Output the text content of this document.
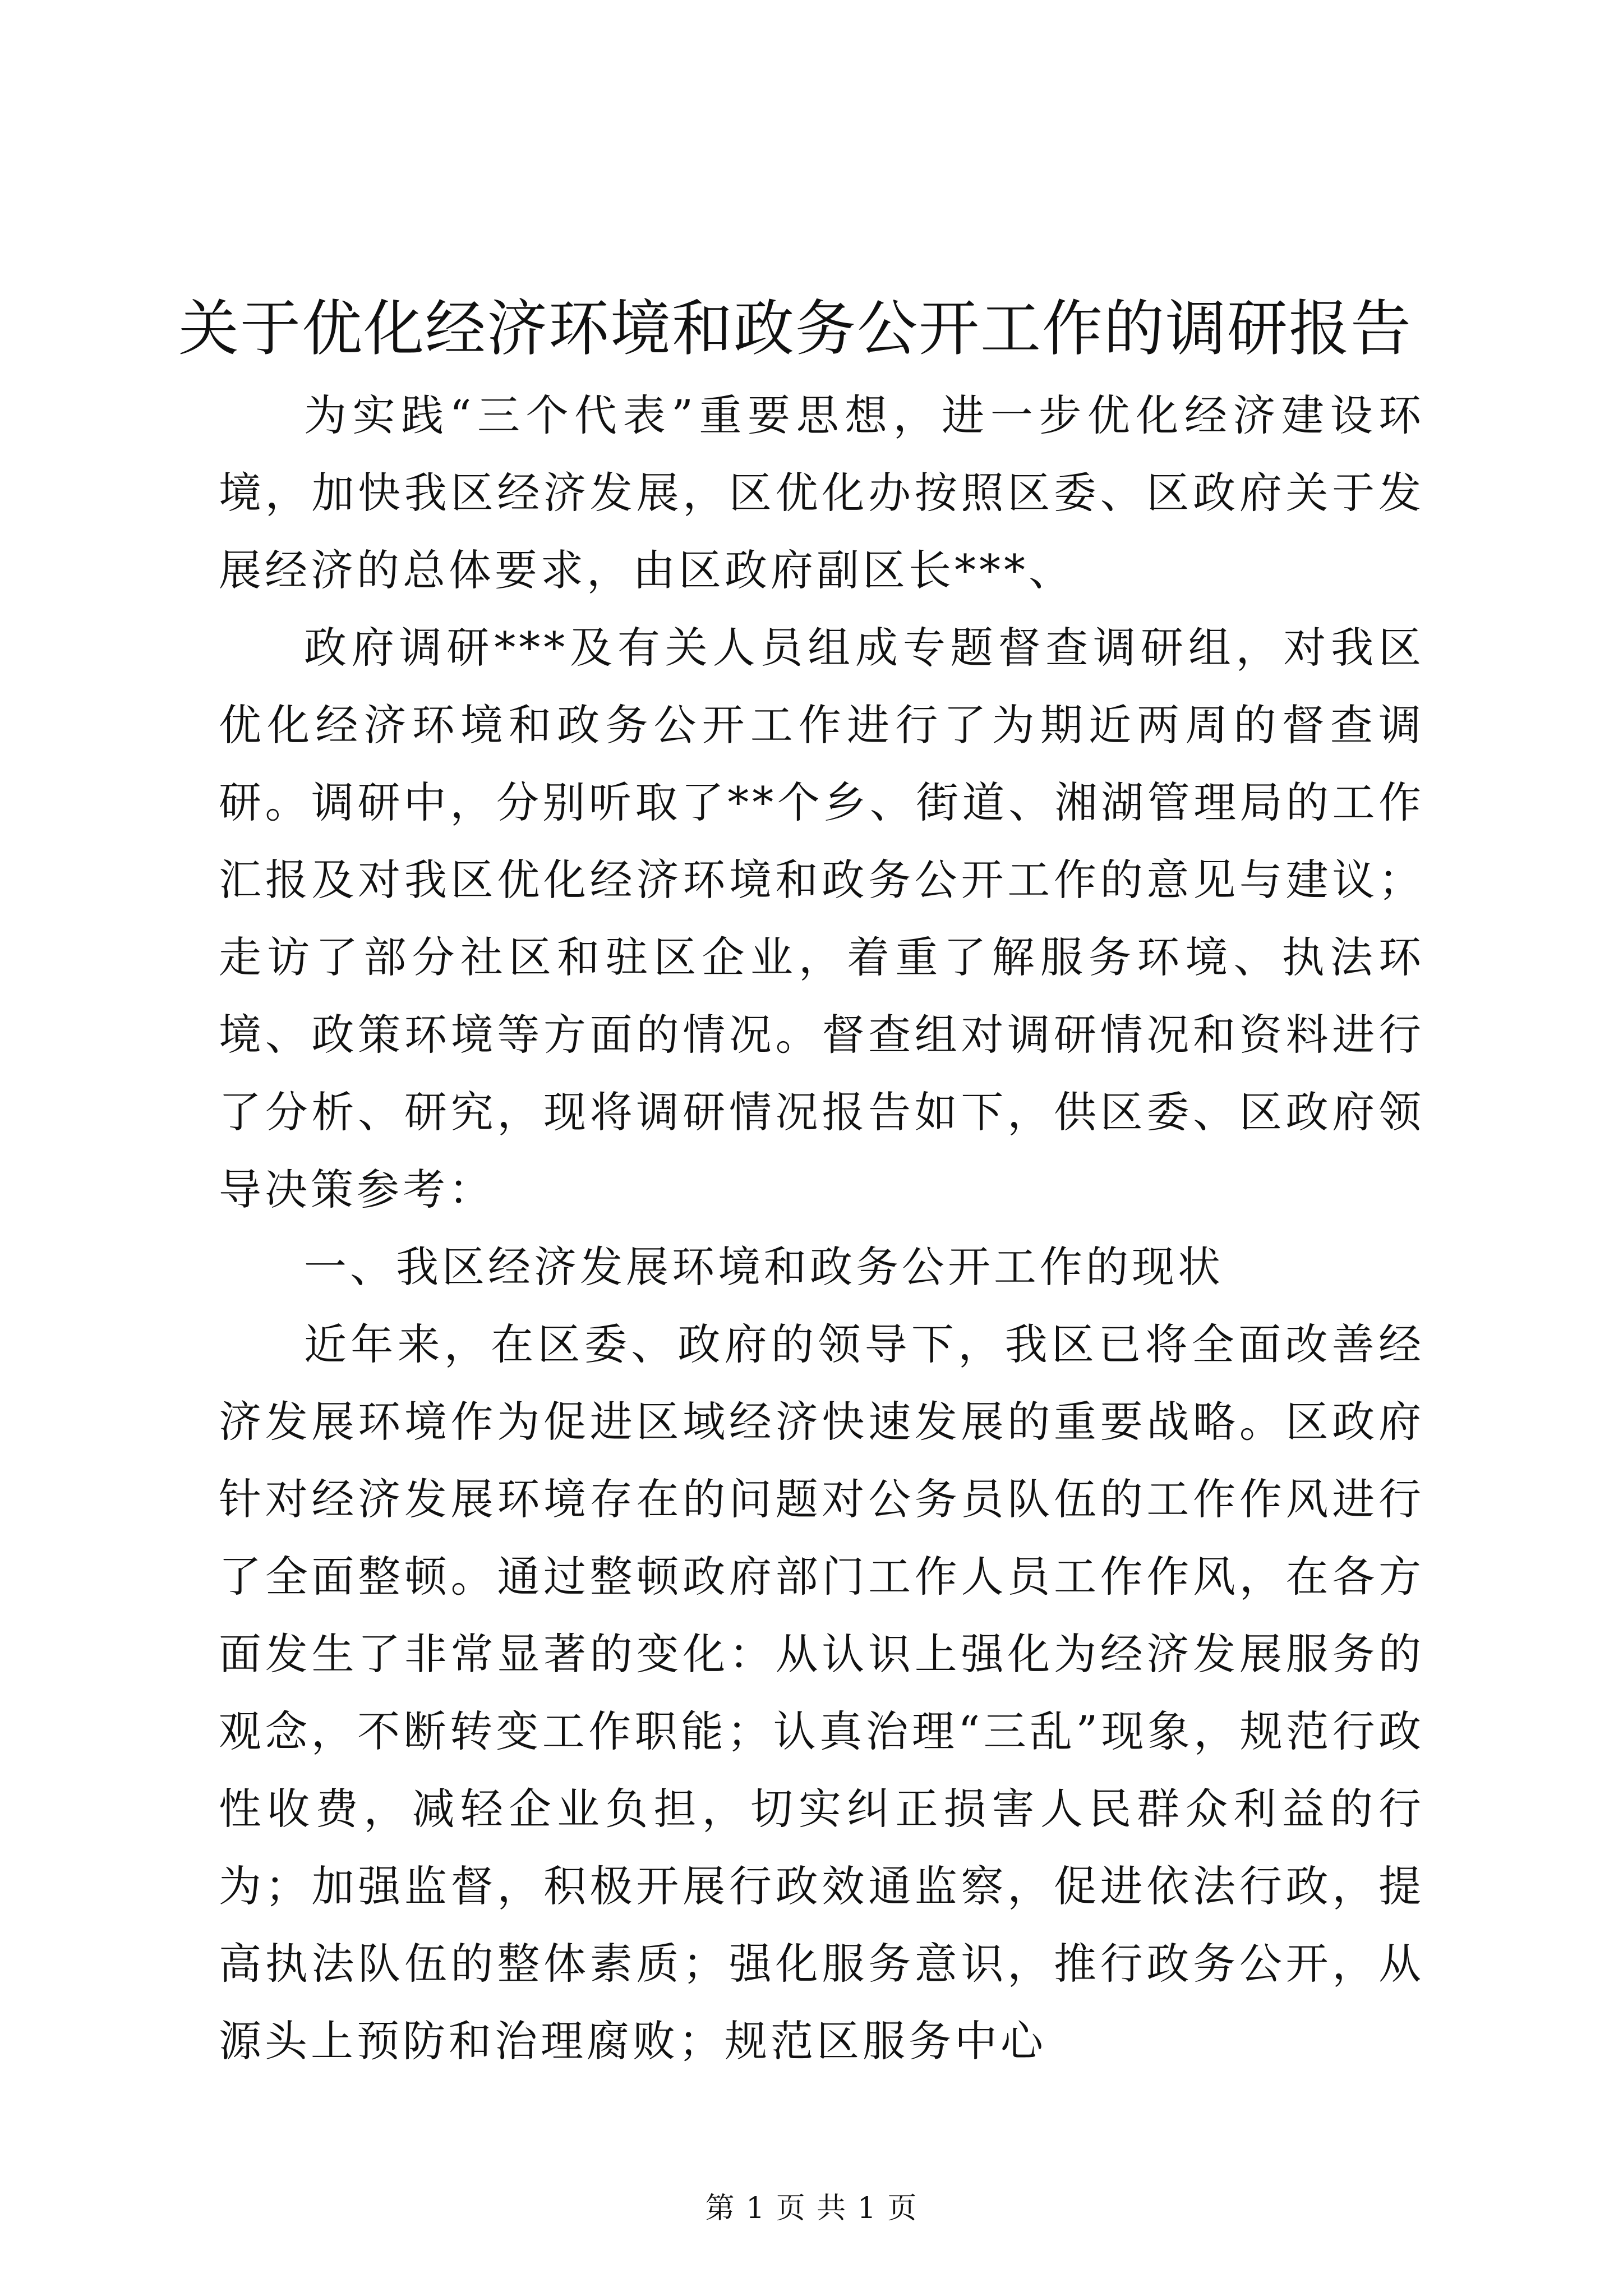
关于优化经济环境和政务公开工作的调研报告

为实践“三个代表”重要思想，进一步优化经济建设环境，加快我区经济发展，区优化办按照区委、区政府关于发展经济的总体要求，由区政府副区长***、

政府调研***及有关人员组成专题督查调研组，对我区优化经济环境和政务公开工作进行了为期近两周的督查调研。调研中，分别听取了**个乡、街道、湘湖管理局的工作汇报及对我区优化经济环境和政务公开工作的意见与建议；走访了部分社区和驻区企业，着重了解服务环境、执法环境、政策环境等方面的情况。督查组对调研情况和资料进行了分析、研究，现将调研情况报告如下，供区委、区政府领导决策参考：

一、我区经济发展环境和政务公开工作的现状

近年来，在区委、政府的领导下，我区已将全面改善经济发展环境作为促进区域经济快速发展的重要战略。区政府针对经济发展环境存在的问题对公务员队伍的工作作风进行了全面整顿。通过整顿政府部门工作人员工作作风，在各方面发生了非常显著的变化：从认识上强化为经济发展服务的观念，不断转变工作职能；认真治理“三乱”现象，规范行政性收费，减轻企业负担，切实纠正损害人民群众利益的行为；加强监督，积极开展行政效通监察，促进依法行政，提高执法队伍的整体素质；强化服务意识，推行政务公开，从源头上预防和治理腐败；规范区服务中心

第 1 页 共 1 页
